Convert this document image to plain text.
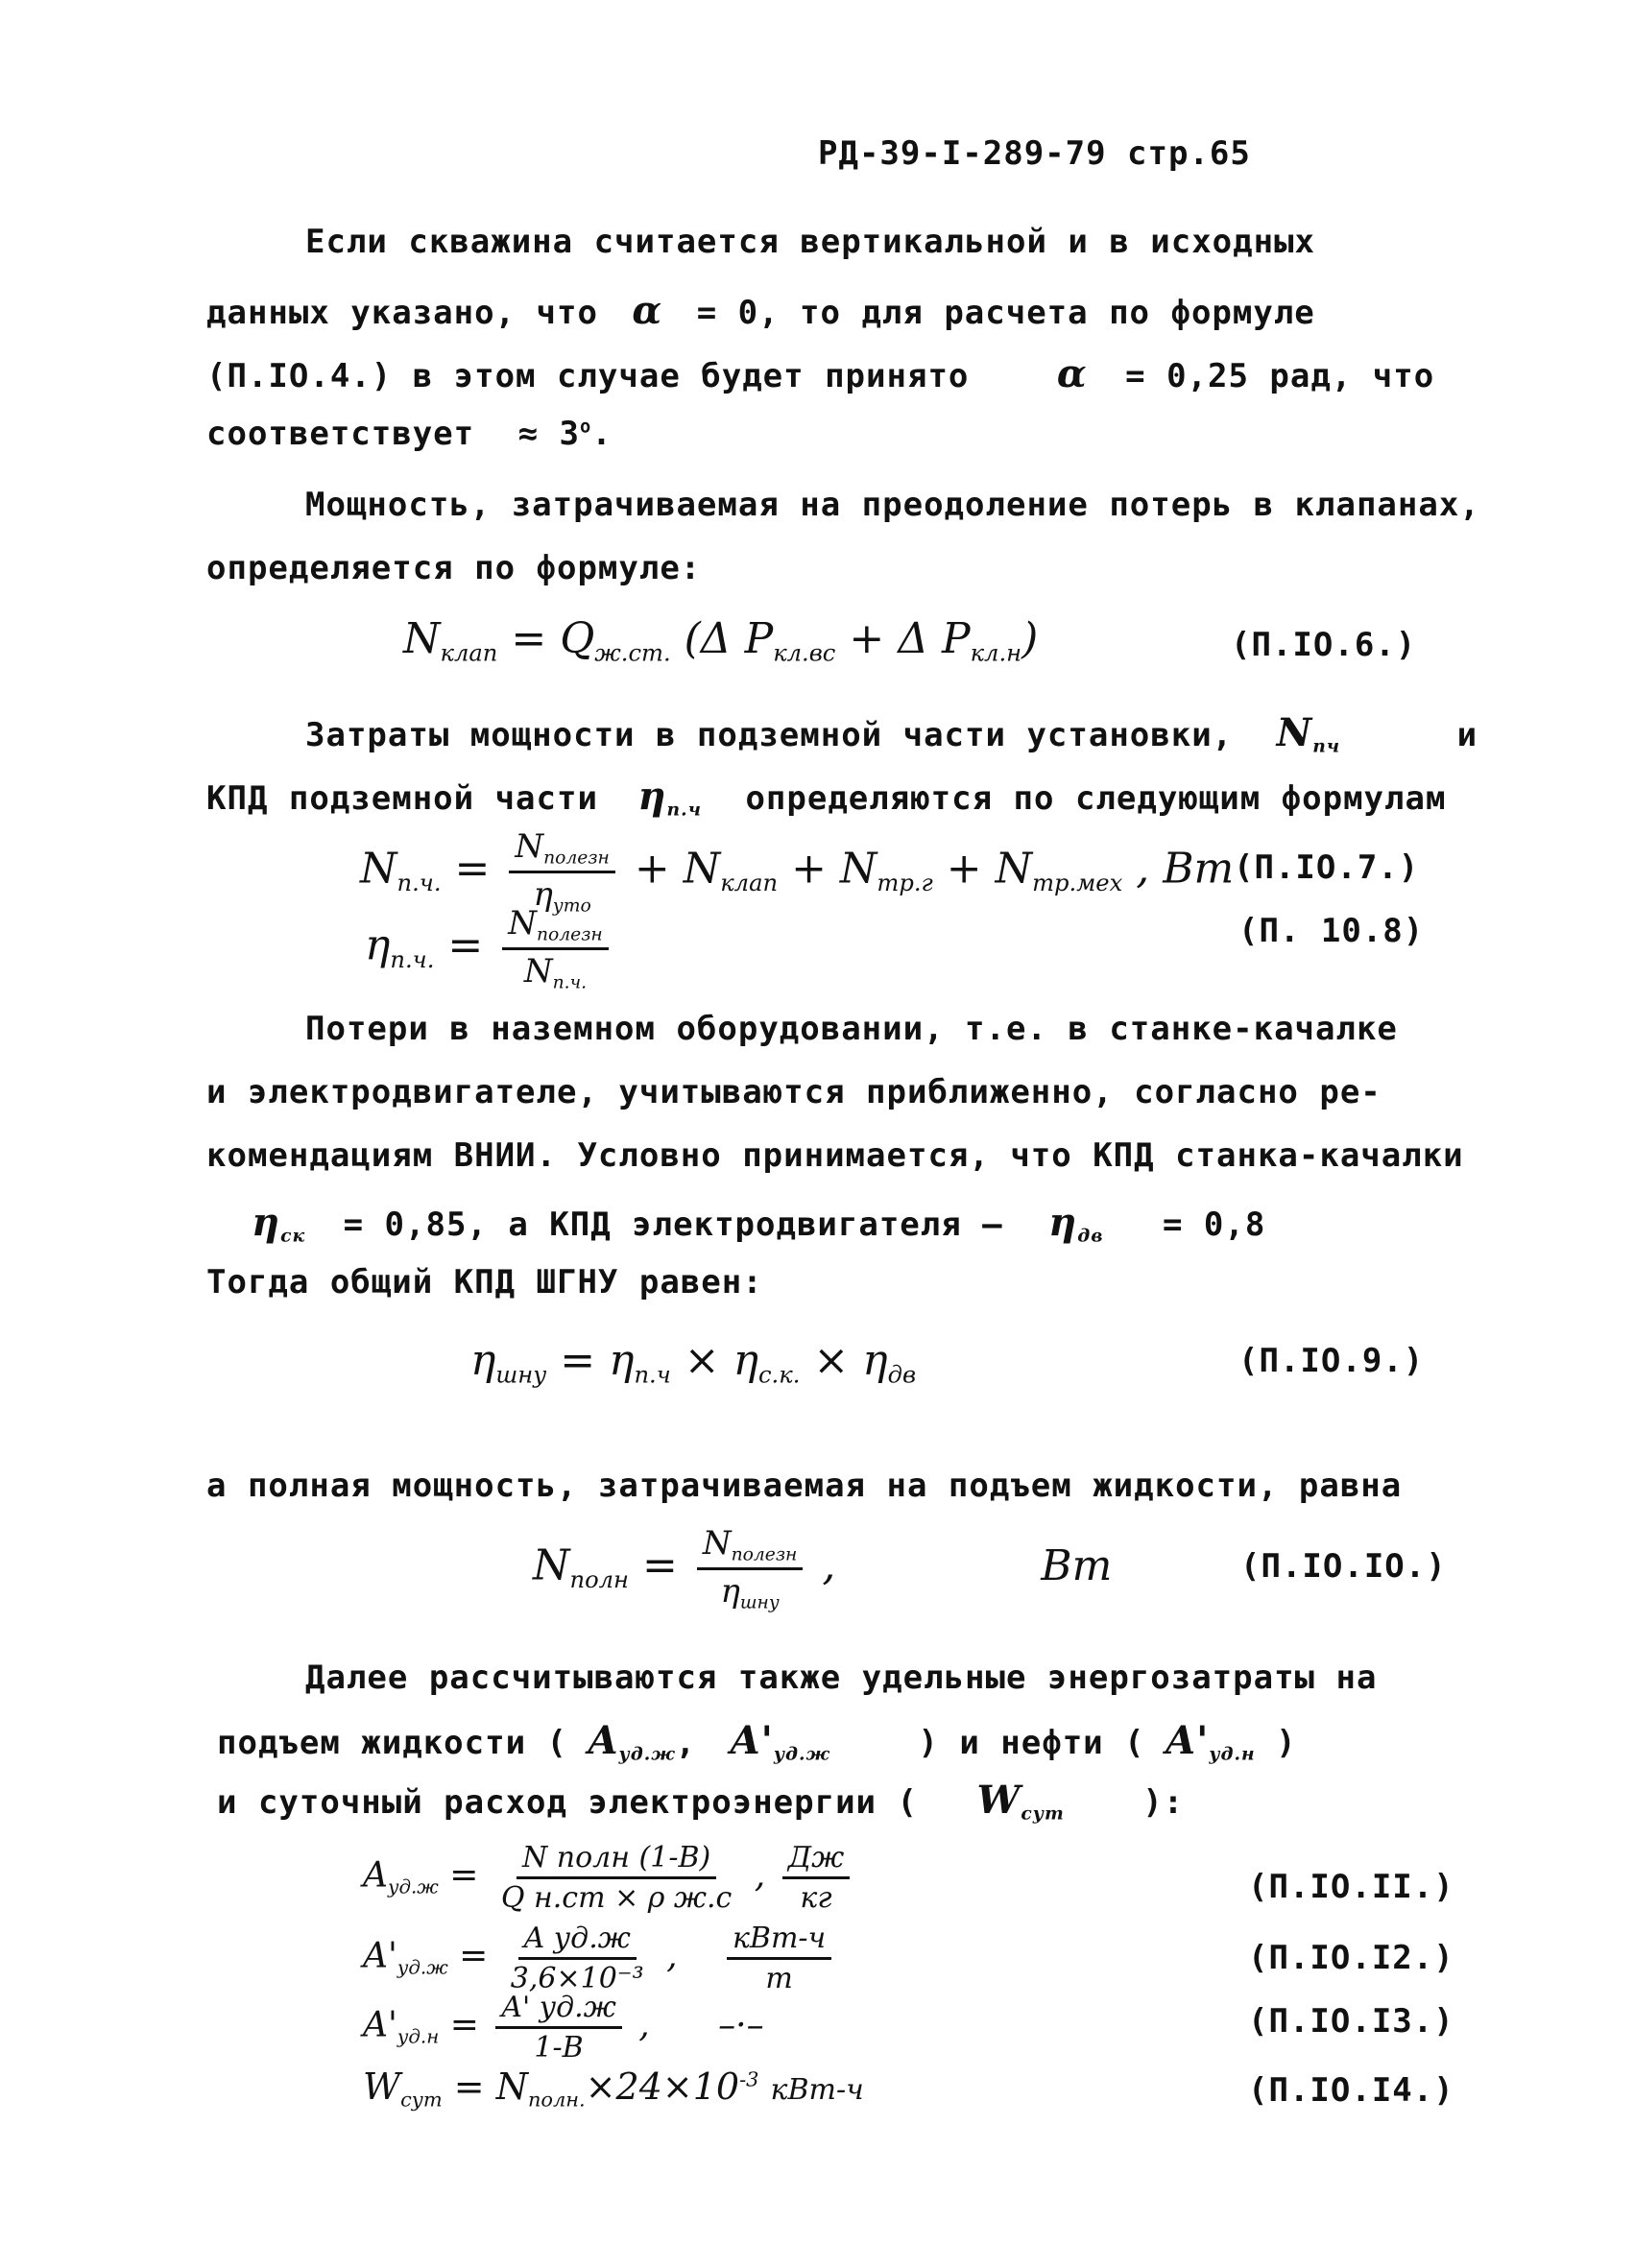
РД-39-I-289-79 стр.65
Если скважина считается вертикальной и в исходных
данных указано, что α = 0, то для расчета по формуле
(П.IO.4.) в этом случае будет принято α = 0,25 рад, что
соответствует ≈ $3^o$.
Мощность, затрачиваемая на преодоление потерь в клапанах,
определяется по формуле:
$N_{клап} = Q_{ж.ст.}$ (Δ $P_{кл.вс} + \Delta$ $P_{кл.н}$)	(П.IO.6.)
Затраты мощности в подземной части установки, $N_{пч}$	и
КПД подземной части $\eta_{п.ч}$ определяются по следующим формулам
$N_{п.ч.} = \frac{N_{полезн}}{\eta_{уто}} + N_{клап} + N_{тр.г} + N_{тр.мех}$ , Вт (П.IO.7.)
$\eta_{п.ч.} = \frac{N_{полезн}}{N_{п.ч.}}$	(П. 10.8)
Потери в наземном оборудовании, т.е. в станке-качалке
и электродвигателе, учитываются приближенно, согласно ре-
комендациям ВНИИ. Условно принимается, что КПД станка-качалки
$\eta_{ск} = 0,85$, а КПД электродвигателя – $\eta_{дв} = 0,8$
Тогда общий КПД ШГНУ равен:
$\eta_{шну} = \eta_{п.ч} \times \eta_{с.к.} \times \eta_{дв}$	(П.IO.9.)
а полная мощность, затрачиваемая на подъем жидкости, равна
$N_{полн} = \frac{N_{полезн}}{\eta_{шну}}$ ,	Вт	(П.IO.IO.)
Далее рассчитываются также удельные энергозатраты на
подъем жидкости ( $A_{уд.ж}$, $A'_{уд.ж}$	) и нефти ( $A'_{уд.н}$ )
и суточный расход электроэнергии ( $W_{сут}$ ):
$A_{уд.ж} = \frac{\text{N полн (1-B)}}{\text{Q н.ст × ρ ж.с}}$ , $\frac{Дж}{кг}$	(П.IO.II.)
$A'_{уд.ж} = \frac{\text{A уд.ж}}{\text{3,6×10⁻³}}$ , $\frac{\text{кВт-ч}}{т}$	(П.IO.I2.)
$A'_{уд.н} = \frac{A' уд.ж}{1-B}$ , –·–	(П.IO.I3.)
$W_{сут} = N_{полн.}\times 24\times 10^{-3}$ кВт-ч	(П.IO.I4.)
